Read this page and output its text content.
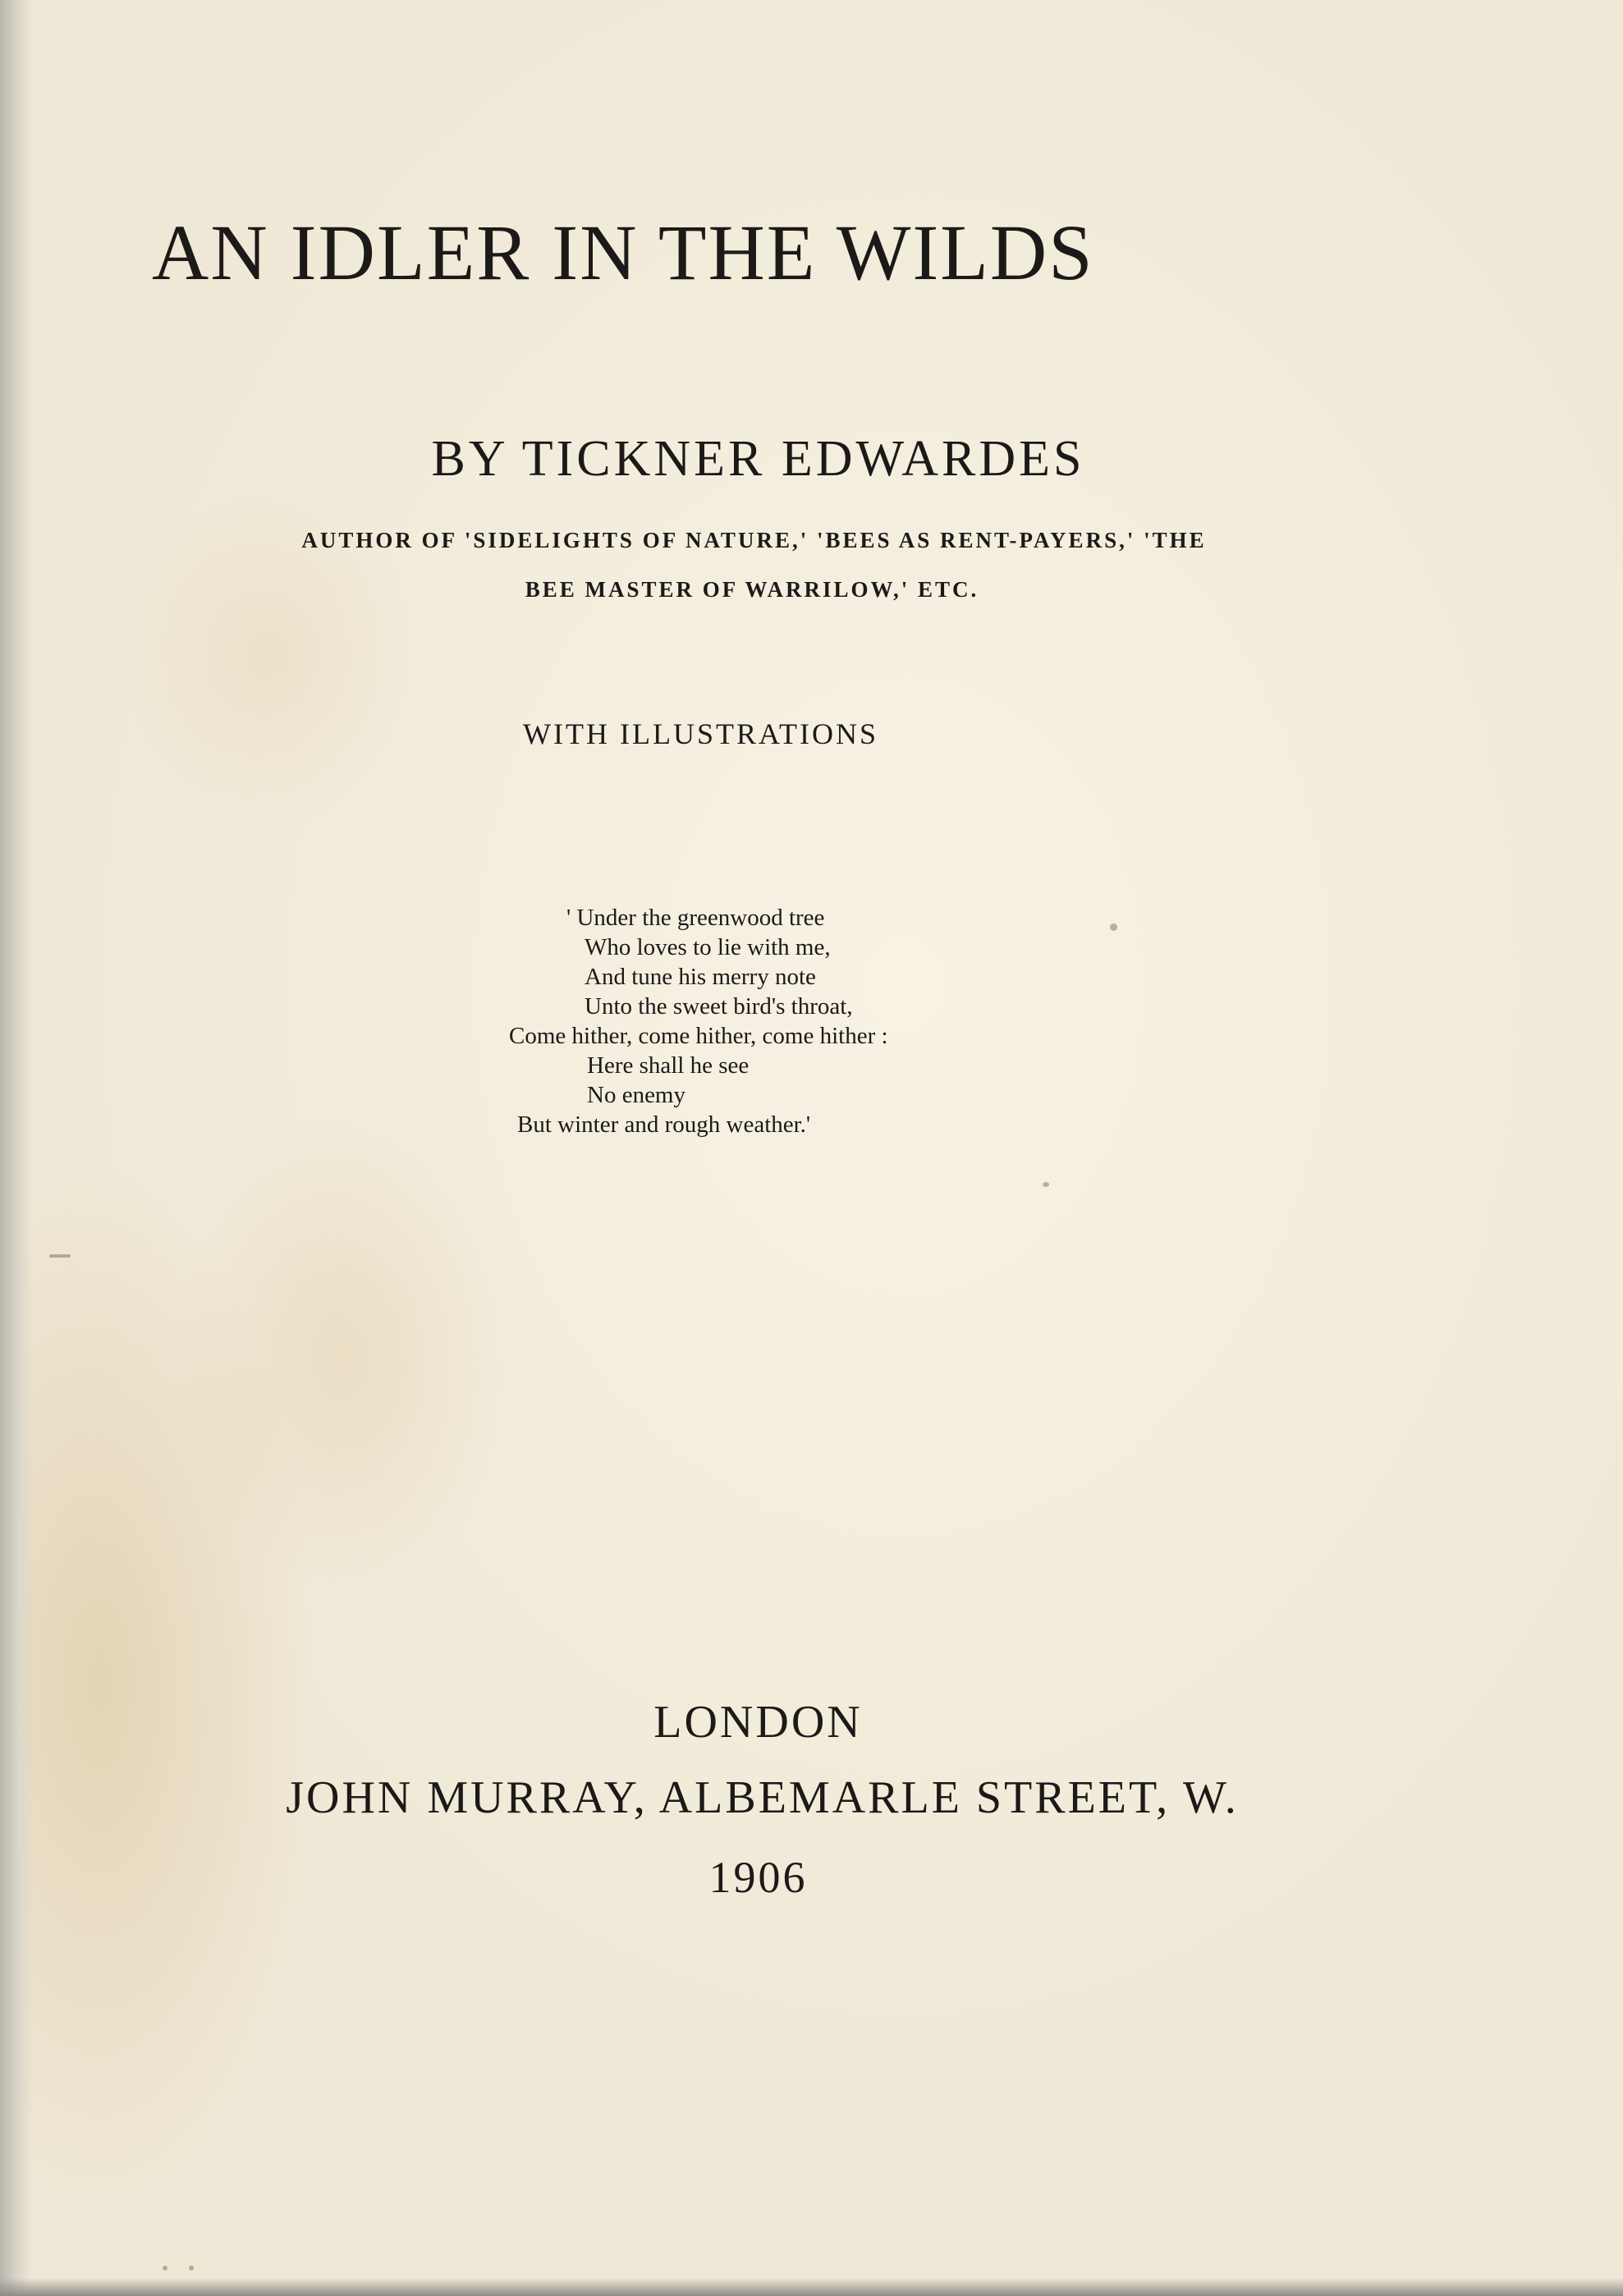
AN IDLER IN THE WILDS
BY TICKNER EDWARDES
AUTHOR OF 'SIDELIGHTS OF NATURE,' 'BEES AS RENT-PAYERS,' 'THE
BEE MASTER OF WARRILOW,' ETC.
WITH ILLUSTRATIONS
' Under the greenwood tree
Who loves to lie with me,
And tune his merry note
Unto the sweet bird's throat,
Come hither, come hither, come hither :
Here shall he see
No enemy
But winter and rough weather.'
LONDON
JOHN MURRAY, ALBEMARLE STREET, W.
1906
